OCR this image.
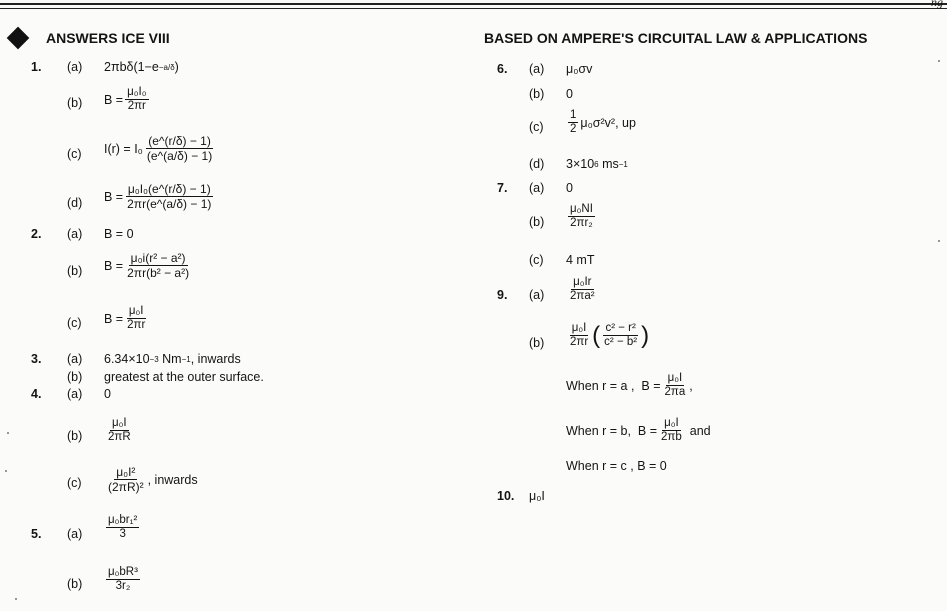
ng
ANSWERS ICE VIII	BASED ON AMPERE'S CIRCUITAL LAW & APPLICATIONS
1. (a) 2πbδ(1−e −a/δ )
(b) $B = \frac{\text{μ₀I₀}}{2\pi r}$
(c) $I(r) = I_0 \frac{(e\^{}(r/\delta) - 1)}{(e\^{}(a/\delta) - 1)}$
(d) $B = \frac{\text{μ₀I₀(e\textasciicircum{}(r/δ) − 1)}}{2\pi r(e\^{}(a/\delta) - 1)}$
2. (a) B = 0
(b) $B = \frac{\text{μ₀i(r² − a²)}}{\text{2πr(b² − a²)}}$
(c) $B = \frac{\text{μ₀I}}{2\pi r}$
3. (a) 6.34×10 −3 Nm −1 , inwards
(b) greatest at the outer surface.
4. (a) 0
$(b) \frac{\text{μ₀I}}{2\pi R}$
$(c) \frac{\text{μ₀I²}}{\text{(2πR)²}}$ , inwards
5. $(a) \frac{\text{μ₀br₁²}}{3}$
$(b) \frac{\text{μ₀bR³}}{\text{3r₂}}$
6. (a) μ₀σv
(b) 0
$(c) \frac{1}{2} \mu_0\sigma^2v^2$, up
(d) 3×10 6 ms −1
7. (a) 0
$(b) \frac{\text{μ₀NI}}{\text{2πr₂}}$
(c) 4 mT
9. $(a) \frac{\text{μ₀Ir}}{\text{2πa²}}$
$(b) \frac{\text{μ₀I}}{2\pi r}$ ( $\frac{\text{c² − r²}}{\text{c² − b²}}$ )
When r = a ,  $B = \frac{\text{μ₀I}}{2\pi a}$ ,
When r = b,  $B = \frac{\text{μ₀I}}{2\pi b}$ and
When r = c , B = 0
10. μ₀I
